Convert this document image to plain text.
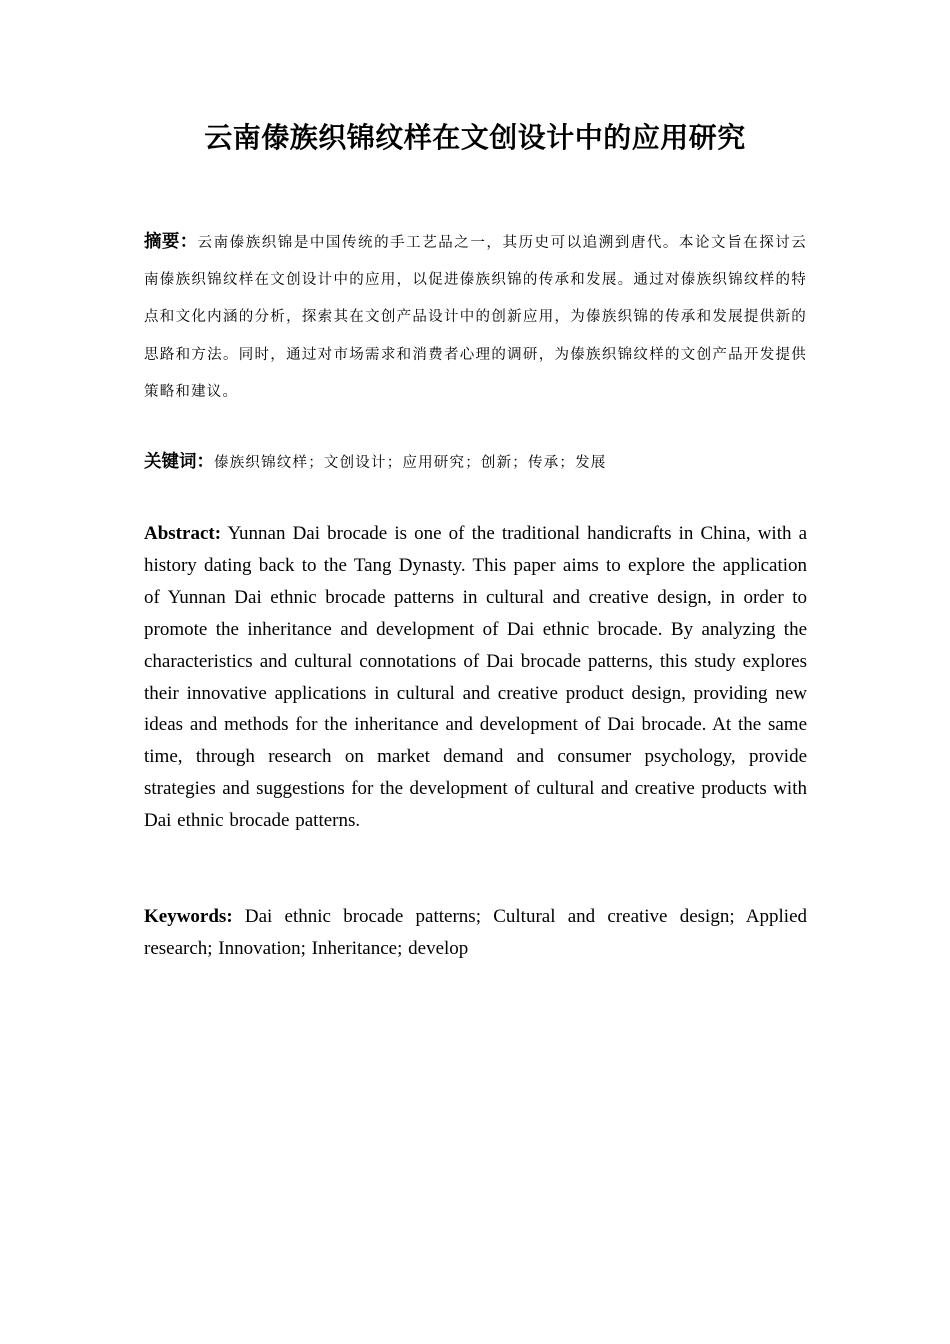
云南傣族织锦纹样在文创设计中的应用研究
摘要：云南傣族织锦是中国传统的手工艺品之一，其历史可以追溯到唐代。本论文旨在探讨云南傣族织锦纹样在文创设计中的应用，以促进傣族织锦的传承和发展。通过对傣族织锦纹样的特点和文化内涵的分析，探索其在文创产品设计中的创新应用，为傣族织锦的传承和发展提供新的思路和方法。同时，通过对市场需求和消费者心理的调研，为傣族织锦纹样的文创产品开发提供策略和建议。
关键词：傣族织锦纹样；文创设计；应用研究；创新；传承；发展
Abstract: Yunnan Dai brocade is one of the traditional handicrafts in China, with a history dating back to the Tang Dynasty. This paper aims to explore the application of Yunnan Dai ethnic brocade patterns in cultural and creative design, in order to promote the inheritance and development of Dai ethnic brocade. By analyzing the characteristics and cultural connotations of Dai brocade patterns, this study explores their innovative applications in cultural and creative product design, providing new ideas and methods for the inheritance and development of Dai brocade. At the same time, through research on market demand and consumer psychology, provide strategies and suggestions for the development of cultural and creative products with Dai ethnic brocade patterns.
Keywords: Dai ethnic brocade patterns; Cultural and creative design; Applied research; Innovation; Inheritance; develop
